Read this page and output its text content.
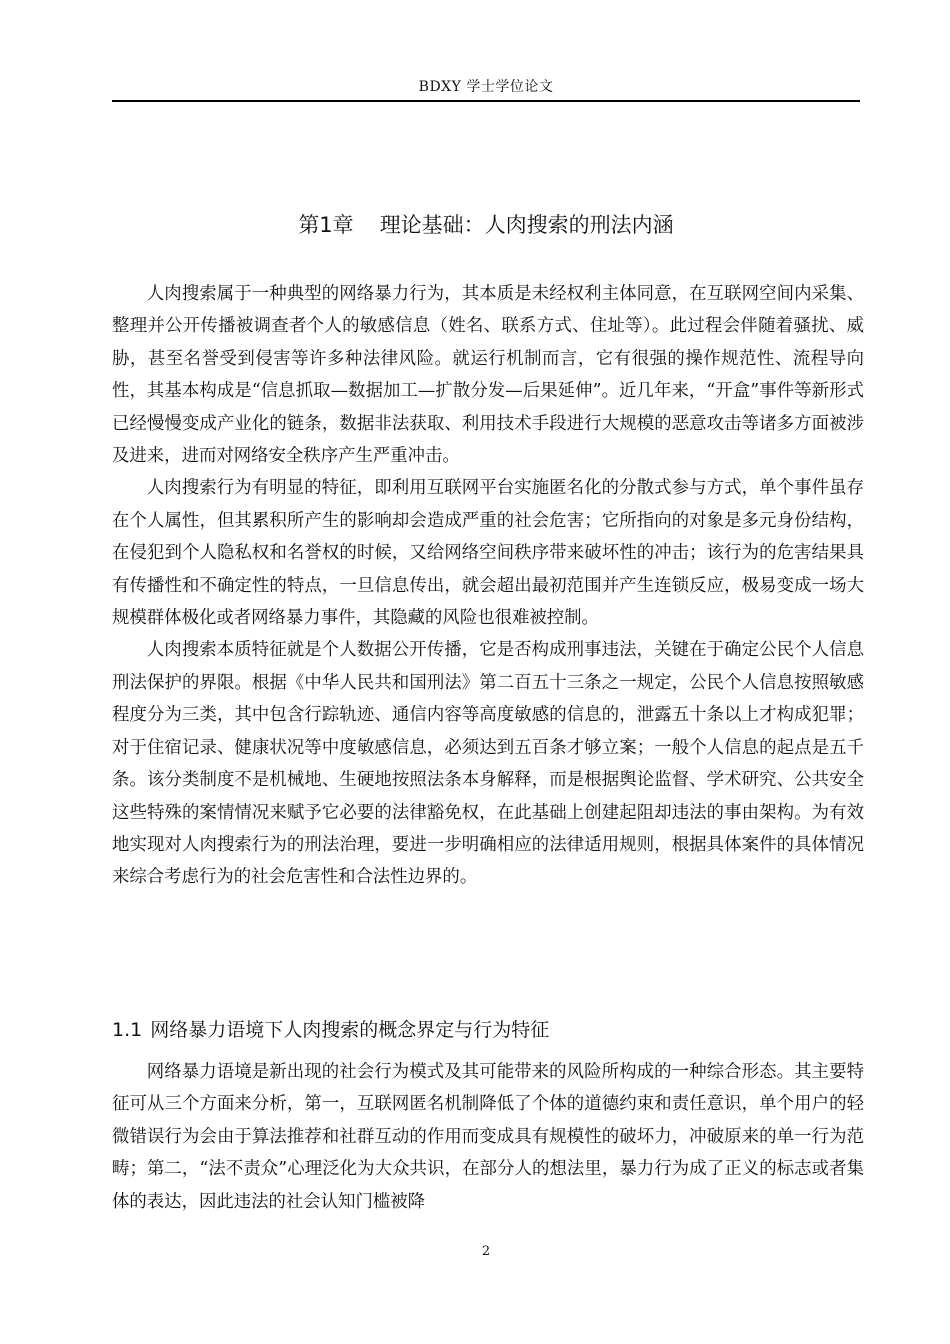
BDXY 学士学位论文
第1章 理论基础：人肉搜索的刑法内涵

人肉搜索属于一种典型的网络暴力行为，其本质是未经权利主体同意，在互联网空间内采集、整理并公开传播被调查者个人的敏感信息（姓名、联系方式、住址等）。此过程会伴随着骚扰、威胁，甚至名誉受到侵害等许多种法律风险。就运行机制而言，它有很强的操作规范性、流程导向性，其基本构成是“信息抓取—数据加工—扩散分发—后果延伸”。近几年来，“开盒”事件等新形式已经慢慢变成产业化的链条，数据非法获取、利用技术手段进行大规模的恶意攻击等诸多方面被涉及进来，进而对网络安全秩序产生严重冲击。

人肉搜索行为有明显的特征，即利用互联网平台实施匿名化的分散式参与方式，单个事件虽存在个人属性，但其累积所产生的影响却会造成严重的社会危害；它所指向的对象是多元身份结构，在侵犯到个人隐私权和名誉权的时候，又给网络空间秩序带来破坏性的冲击；该行为的危害结果具有传播性和不确定性的特点，一旦信息传出，就会超出最初范围并产生连锁反应，极易变成一场大规模群体极化或者网络暴力事件，其隐藏的风险也很难被控制。

人肉搜索本质特征就是个人数据公开传播，它是否构成刑事违法，关键在于确定公民个人信息刑法保护的界限。根据《中华人民共和国刑法》第二百五十三条之一规定，公民个人信息按照敏感程度分为三类，其中包含行踪轨迹、通信内容等高度敏感的信息的，泄露五十条以上才构成犯罪；对于住宿记录、健康状况等中度敏感信息，必须达到五百条才够立案；一般个人信息的起点是五千条。该分类制度不是机械地、生硬地按照法条本身解释，而是根据舆论监督、学术研究、公共安全这些特殊的案情情况来赋予它必要的法律豁免权，在此基础上创建起阻却违法的事由架构。为有效地实现对人肉搜索行为的刑法治理，要进一步明确相应的法律适用规则，根据具体案件的具体情况来综合考虑行为的社会危害性和合法性边界的。

1.1 网络暴力语境下人肉搜索的概念界定与行为特征

网络暴力语境是新出现的社会行为模式及其可能带来的风险所构成的一种综合形态。其主要特征可从三个方面来分析，第一，互联网匿名机制降低了个体的道德约束和责任意识，单个用户的轻微错误行为会由于算法推荐和社群互动的作用而变成具有规模性的破坏力，冲破原来的单一行为范畴；第二，“法不责众”心理泛化为大众共识，在部分人的想法里，暴力行为成了正义的标志或者集体的表达，因此违法的社会认知门槛被降

2
